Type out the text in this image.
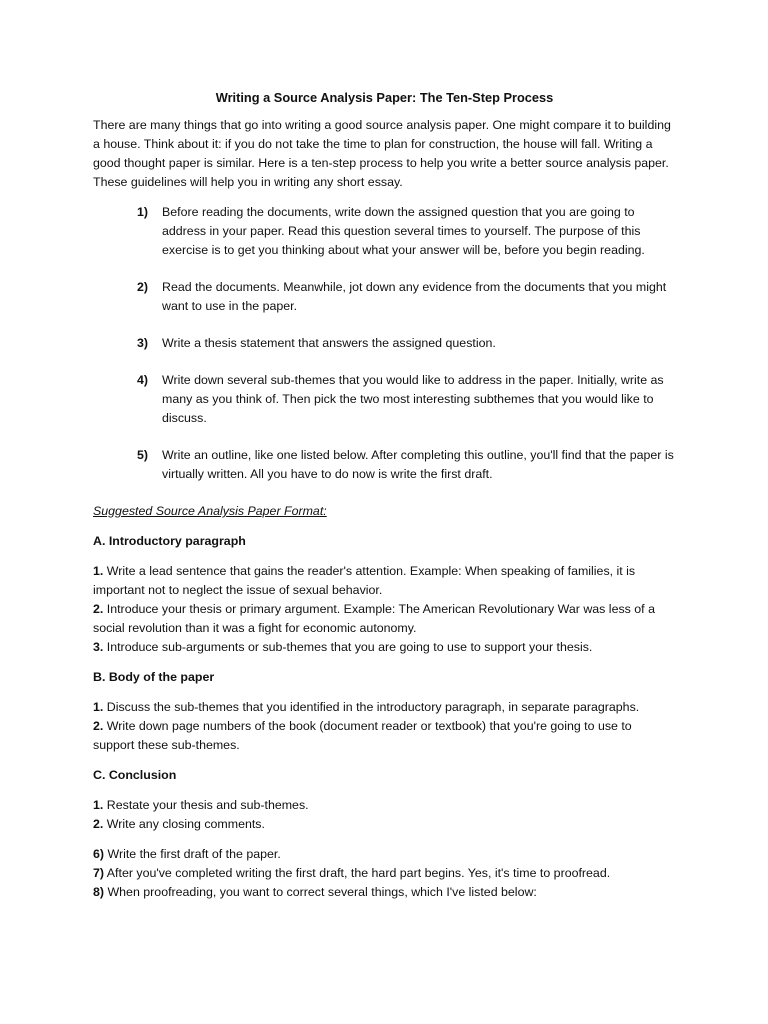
Writing a Source Analysis Paper: The Ten-Step Process

There are many things that go into writing a good source analysis paper. One might compare it to building a house. Think about it: if you do not take the time to plan for construction, the house will fall. Writing a good thought paper is similar. Here is a ten-step process to help you write a better source analysis paper. These guidelines will help you in writing any short essay.

1) Before reading the documents, write down the assigned question that you are going to address in your paper. Read this question several times to yourself. The purpose of this exercise is to get you thinking about what your answer will be, before you begin reading.
2) Read the documents. Meanwhile, jot down any evidence from the documents that you might want to use in the paper.
3) Write a thesis statement that answers the assigned question.
4) Write down several sub-themes that you would like to address in the paper. Initially, write as many as you think of. Then pick the two most interesting subthemes that you would like to discuss.
5) Write an outline, like one listed below. After completing this outline, you'll find that the paper is virtually written. All you have to do now is write the first draft.

Suggested Source Analysis Paper Format:

A. Introductory paragraph

1. Write a lead sentence that gains the reader's attention. Example: When speaking of families, it is important not to neglect the issue of sexual behavior.

2. Introduce your thesis or primary argument. Example: The American Revolutionary War was less of a social revolution than it was a fight for economic autonomy.

3. Introduce sub-arguments or sub-themes that you are going to use to support your thesis.

B. Body of the paper

1. Discuss the sub-themes that you identified in the introductory paragraph, in separate paragraphs.

2. Write down page numbers of the book (document reader or textbook) that you're going to use to support these sub-themes.

C. Conclusion

1. Restate your thesis and sub-themes.

2. Write any closing comments.

6) Write the first draft of the paper.

7) After you've completed writing the first draft, the hard part begins. Yes, it's time to proofread.

8) When proofreading, you want to correct several things, which I've listed below:
